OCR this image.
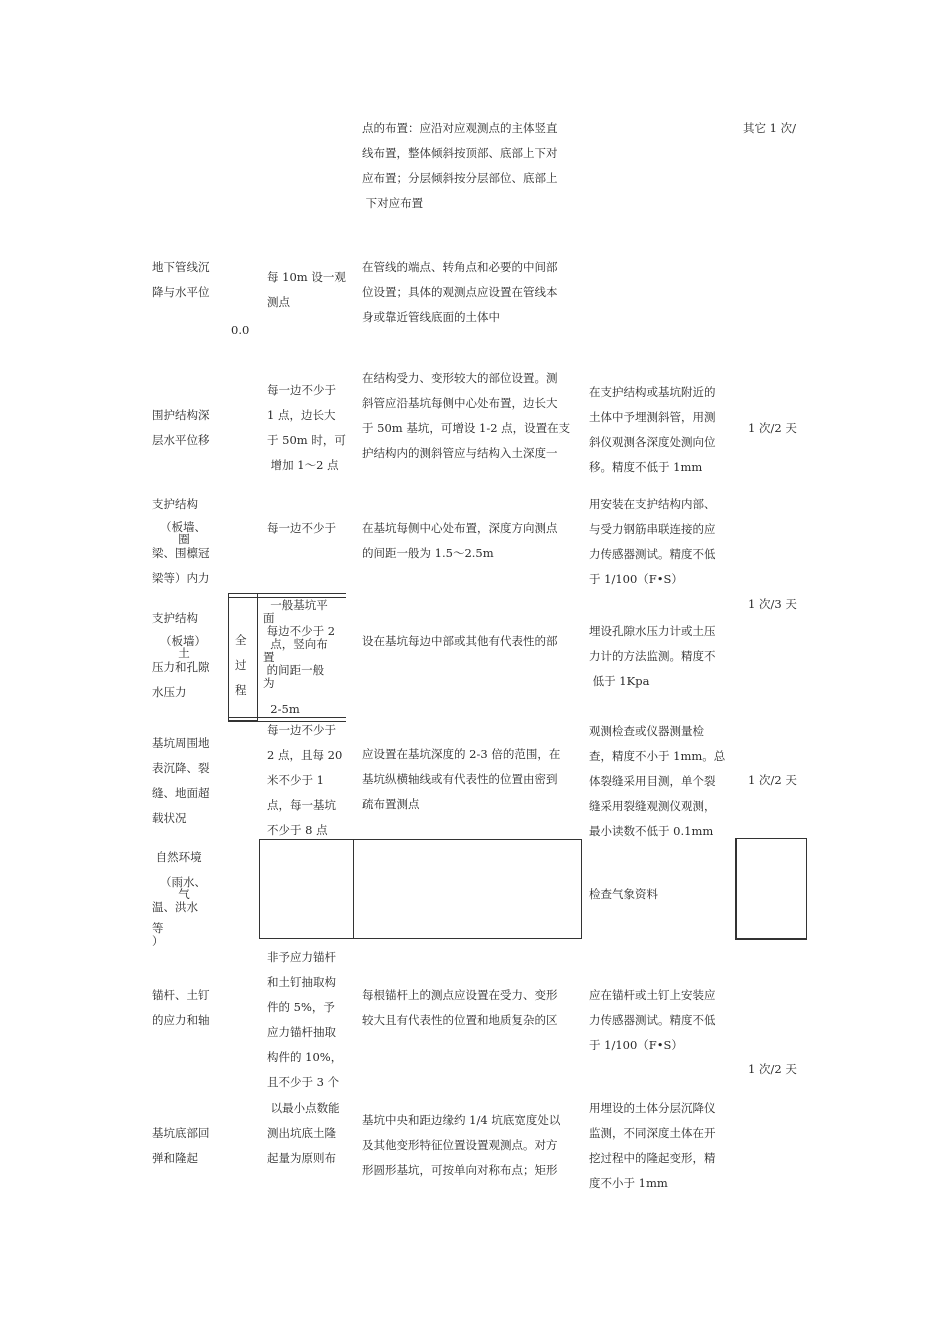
点的布置：应沿对应观测点的主体竖直
线布置，整体倾斜按顶部、底部上下对
应布置；分层倾斜按分层部位、底部上
下对应布置
其它 1 次/
地下管线沉
降与水平位
每 10m 设一观
测点
在管线的端点、转角点和必要的中间部
位设置；具体的观测点应设置在管线本
身或靠近管线底面的土体中
0.0
围护结构深
层水平位移
每一边不少于
1 点，边长大
于 50m 时，可
增加 1～2 点
在结构受力、变形较大的部位设置。测
斜管应沿基坑每侧中心处布置，边长大
于 50m 基坑，可增设 1-2 点，设置在支
护结构内的测斜管应与结构入土深度一
在支护结构或基坑附近的
土体中予埋测斜管，用测
斜仪观测各深度处测向位
移。精度不低于 1mm
1 次/2 天
支护结构
（板墙、
圈
梁、围檩冠
梁等）内力
每一边不少于 在基坑每侧中心处布置，深度方向测点
的间距一般为 1.5～2.5m
用安装在支护结构内部、
与受力钢筋串联连接的应
力传感器测试。精度不低
于 1/100（F•S）
支护结构
（板墙）
土
压力和孔隙
水压力
全
过
程
一般基坑平
面
每边不少于 2
点，竖向布
置
的间距一般
为

2-5m
设在基坑每边中部或其他有代表性的部
埋设孔隙水压力计或土压
力计的方法监测。精度不
低于 1Kpa
1 次/3 天
基坑周围地
表沉降、裂
缝、地面超
载状况
每一边不少于
2 点，且每 20
米不少于 1
点，每一基坑
不少于 8 点
应设置在基坑深度的 2-3 倍的范围，在
基坑纵横轴线或有代表性的位置由密到
疏布置测点
观测检查或仪器测量检
查，精度不小于 1mm。总
体裂缝采用目测，单个裂
缝采用裂缝观测仪观测，
最小读数不低于 0.1mm
1 次/2 天
自然环境
（雨水、
气
温、洪水
等
）
检查气象资料
非予应力锚杆
和土钉抽取构
件的 5%，予
应力锚杆抽取
构件的 10%，
且不少于 3 个
锚杆、土钉
的应力和轴
每根锚杆上的测点应设置在受力、变形
较大且有代表性的位置和地质复杂的区
应在锚杆或土钉上安装应
力传感器测试。精度不低
于 1/100（F•S）
1 次/2 天
以最小点数能
测出坑底土隆
起量为原则布
基坑底部回
弹和隆起
基坑中央和距边缘约 1/4 坑底宽度处以
及其他变形特征位置设置观测点。对方
形圆形基坑，可按单向对称布点；矩形
用埋设的土体分层沉降仪
监测，不同深度土体在开
挖过程中的隆起变形，精
度不小于 1mm
